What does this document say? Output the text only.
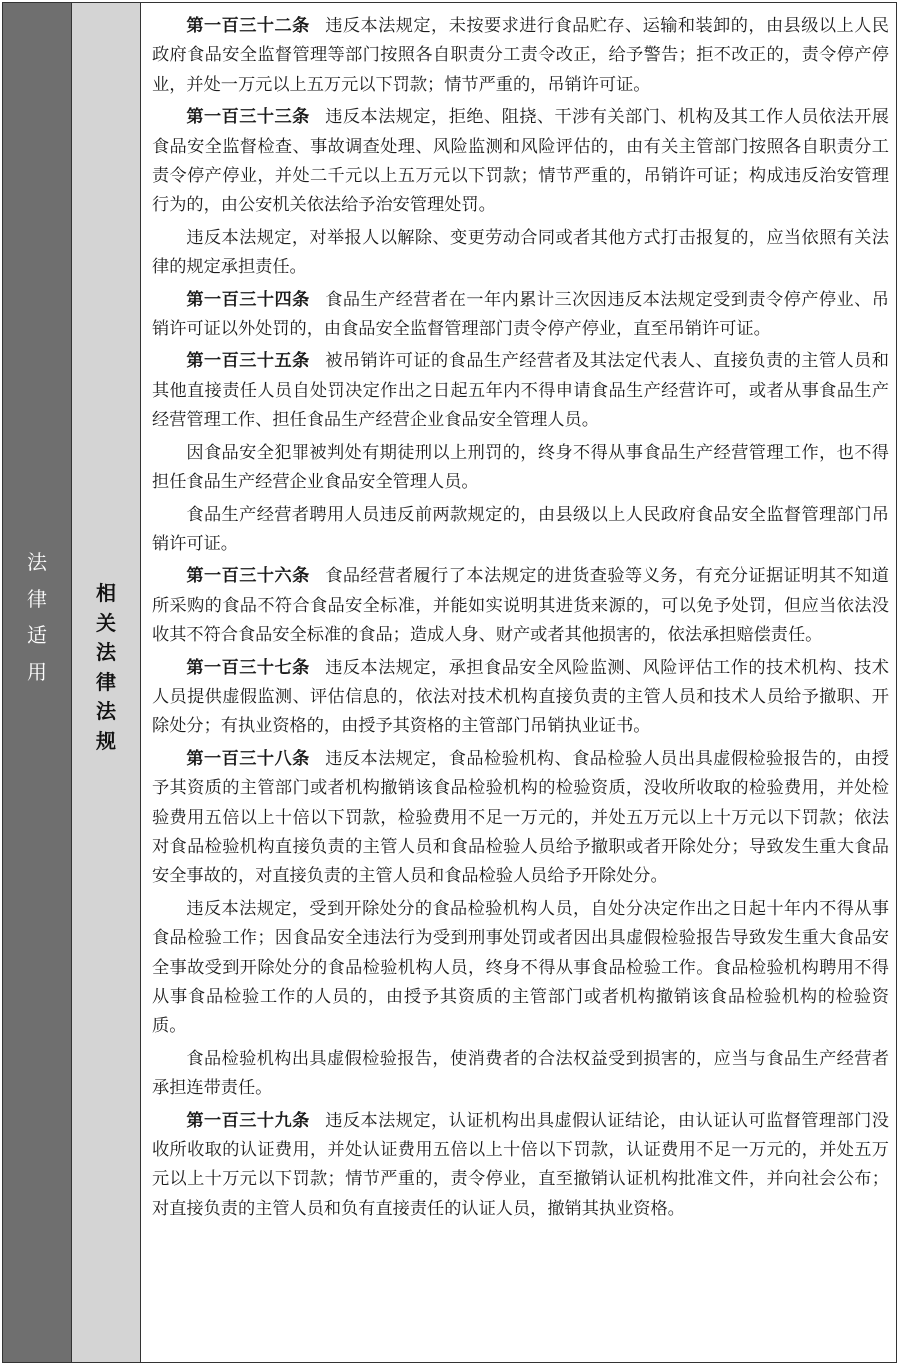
法
律
适
用
相
关
法
律
法
规

第一百三十二条 违反本法规定，未按要求进行食品贮存、运输和装卸的，由县级以上人民政府食品安全监督管理等部门按照各自职责分工责令改正，给予警告；拒不改正的，责令停产停业，并处一万元以上五万元以下罚款；情节严重的，吊销许可证。

第一百三十三条 违反本法规定，拒绝、阻挠、干涉有关部门、机构及其工作人员依法开展食品安全监督检查、事故调查处理、风险监测和风险评估的，由有关主管部门按照各自职责分工责令停产停业，并处二千元以上五万元以下罚款；情节严重的，吊销许可证；构成违反治安管理行为的，由公安机关依法给予治安管理处罚。

违反本法规定，对举报人以解除、变更劳动合同或者其他方式打击报复的，应当依照有关法律的规定承担责任。

第一百三十四条 食品生产经营者在一年内累计三次因违反本法规定受到责令停产停业、吊销许可证以外处罚的，由食品安全监督管理部门责令停产停业，直至吊销许可证。

第一百三十五条 被吊销许可证的食品生产经营者及其法定代表人、直接负责的主管人员和其他直接责任人员自处罚决定作出之日起五年内不得申请食品生产经营许可，或者从事食品生产经营管理工作、担任食品生产经营企业食品安全管理人员。

因食品安全犯罪被判处有期徒刑以上刑罚的，终身不得从事食品生产经营管理工作，也不得担任食品生产经营企业食品安全管理人员。

食品生产经营者聘用人员违反前两款规定的，由县级以上人民政府食品安全监督管理部门吊销许可证。

第一百三十六条 食品经营者履行了本法规定的进货查验等义务，有充分证据证明其不知道所采购的食品不符合食品安全标准，并能如实说明其进货来源的，可以免予处罚，但应当依法没收其不符合食品安全标准的食品；造成人身、财产或者其他损害的，依法承担赔偿责任。

第一百三十七条 违反本法规定，承担食品安全风险监测、风险评估工作的技术机构、技术人员提供虚假监测、评估信息的，依法对技术机构直接负责的主管人员和技术人员给予撤职、开除处分；有执业资格的，由授予其资格的主管部门吊销执业证书。

第一百三十八条 违反本法规定，食品检验机构、食品检验人员出具虚假检验报告的，由授予其资质的主管部门或者机构撤销该食品检验机构的检验资质，没收所收取的检验费用，并处检验费用五倍以上十倍以下罚款，检验费用不足一万元的，并处五万元以上十万元以下罚款；依法对食品检验机构直接负责的主管人员和食品检验人员给予撤职或者开除处分；导致发生重大食品安全事故的，对直接负责的主管人员和食品检验人员给予开除处分。

违反本法规定，受到开除处分的食品检验机构人员，自处分决定作出之日起十年内不得从事食品检验工作；因食品安全违法行为受到刑事处罚或者因出具虚假检验报告导致发生重大食品安全事故受到开除处分的食品检验机构人员，终身不得从事食品检验工作。食品检验机构聘用不得从事食品检验工作的人员的，由授予其资质的主管部门或者机构撤销该食品检验机构的检验资质。

食品检验机构出具虚假检验报告，使消费者的合法权益受到损害的，应当与食品生产经营者承担连带责任。

第一百三十九条 违反本法规定，认证机构出具虚假认证结论，由认证认可监督管理部门没收所收取的认证费用，并处认证费用五倍以上十倍以下罚款，认证费用不足一万元的，并处五万元以上十万元以下罚款；情节严重的，责令停业，直至撤销认证机构批准文件，并向社会公布；对直接负责的主管人员和负有直接责任的认证人员，撤销其执业资格。
